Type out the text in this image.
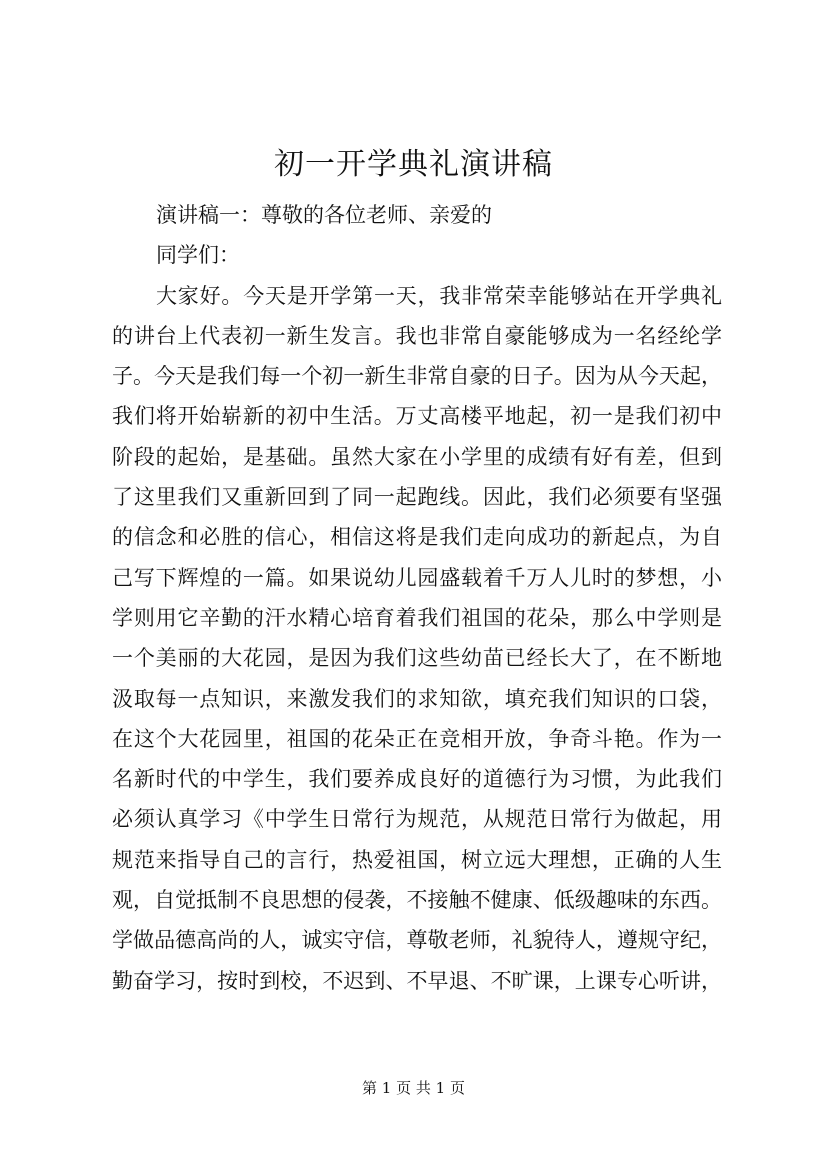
初一开学典礼演讲稿
演讲稿一：尊敬的各位老师、亲爱的
同学们：
大家好。今天是开学第一天，我非常荣幸能够站在开学典礼
的讲台上代表初一新生发言。我也非常自豪能够成为一名经纶学
子。今天是我们每一个初一新生非常自豪的日子。因为从今天起，
我们将开始崭新的初中生活。万丈高楼平地起，初一是我们初中
阶段的起始，是基础。虽然大家在小学里的成绩有好有差，但到
了这里我们又重新回到了同一起跑线。因此，我们必须要有坚强
的信念和必胜的信心，相信这将是我们走向成功的新起点，为自
己写下辉煌的一篇。如果说幼儿园盛载着千万人儿时的梦想，小
学则用它辛勤的汗水精心培育着我们祖国的花朵，那么中学则是
一个美丽的大花园，是因为我们这些幼苗已经长大了，在不断地
汲取每一点知识，来激发我们的求知欲，填充我们知识的口袋，
在这个大花园里，祖国的花朵正在竞相开放，争奇斗艳。作为一
名新时代的中学生，我们要养成良好的道德行为习惯，为此我们
必须认真学习《中学生日常行为规范，从规范日常行为做起，用
规范来指导自己的言行，热爱祖国，树立远大理想，正确的人生
观，自觉抵制不良思想的侵袭，不接触不健康、低级趣味的东西。
学做品德高尚的人，诚实守信，尊敬老师，礼貌待人，遵规守纪，
勤奋学习，按时到校，不迟到、不早退、不旷课，上课专心听讲，
第 1 页 共 1 页
